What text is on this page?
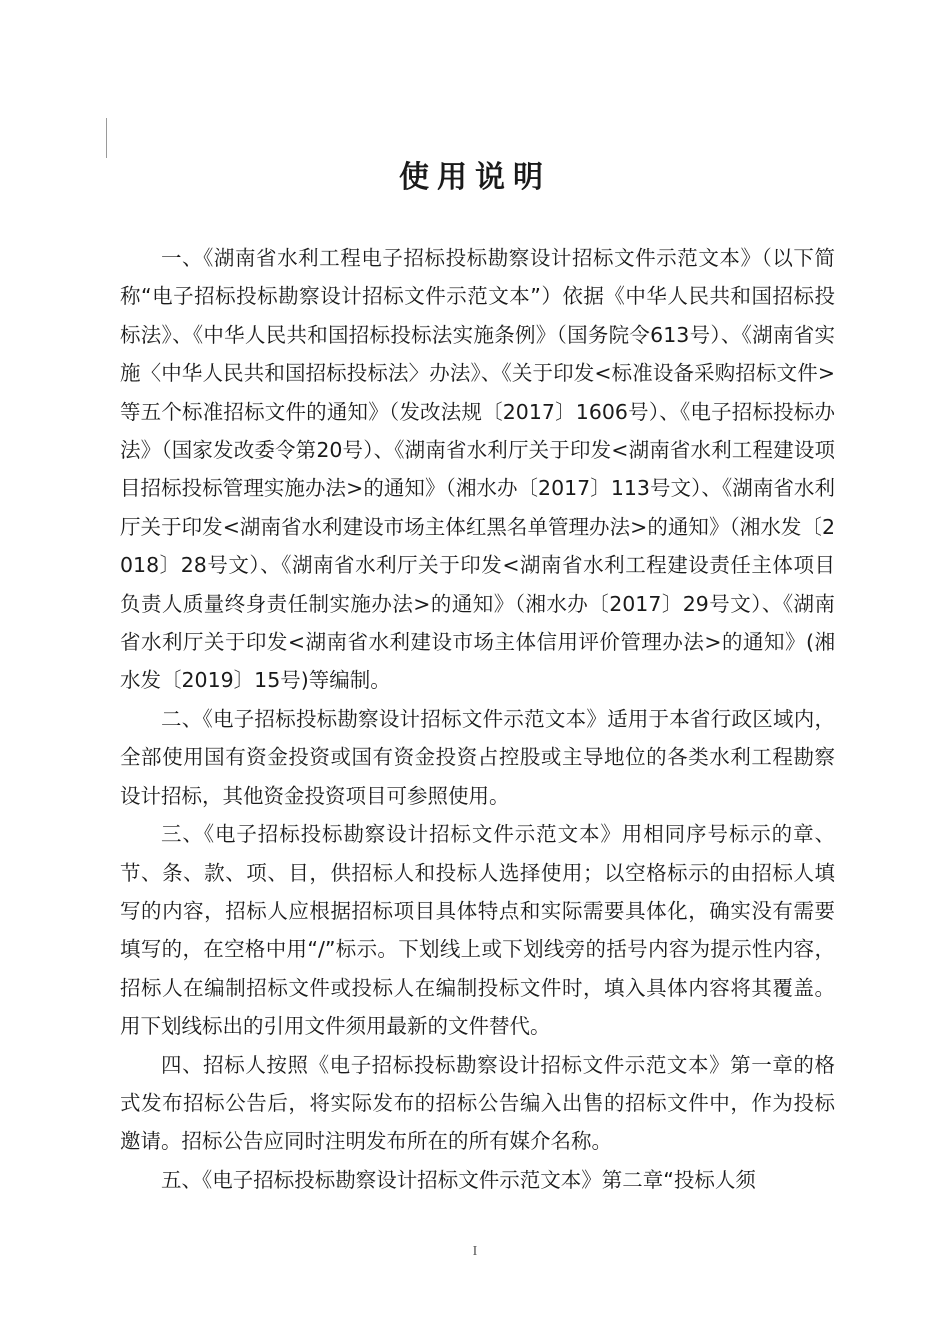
使用说明

一、《湖南省水利工程电子招标投标勘察设计招标文件示范文本》（以下简称“电子招标投标勘察设计招标文件示范文本”）依据《中华人民共和国招标投标法》、《中华人民共和国招标投标法实施条例》（国务院令613号）、《湖南省实施〈中华人民共和国招标投标法〉办法》、《关于印发<标准设备采购招标文件>等五个标准招标文件的通知》（发改法规〔2017〕1606号）、《电子招标投标办法》（国家发改委令第20号）、《湖南省水利厅关于印发<湖南省水利工程建设项目招标投标管理实施办法>的通知》（湘水办〔2017〕113号文）、《湖南省水利厅关于印发<湖南省水利建设市场主体红黑名单管理办法>的通知》（湘水发〔2018〕28号文）、《湖南省水利厅关于印发<湖南省水利工程建设责任主体项目负责人质量终身责任制实施办法>的通知》（湘水办〔2017〕29号文）、《湖南省水利厅关于印发<湖南省水利建设市场主体信用评价管理办法>的通知》(湘水发〔2019〕15号)等编制。

二、《电子招标投标勘察设计招标文件示范文本》适用于本省行政区域内，全部使用国有资金投资或国有资金投资占控股或主导地位的各类水利工程勘察设计招标，其他资金投资项目可参照使用。

三、《电子招标投标勘察设计招标文件示范文本》用相同序号标示的章、节、条、款、项、目，供招标人和投标人选择使用；以空格标示的由招标人填写的内容，招标人应根据招标项目具体特点和实际需要具体化，确实没有需要填写的，在空格中用“/”标示。下划线上或下划线旁的括号内容为提示性内容，招标人在编制招标文件或投标人在编制投标文件时，填入具体内容将其覆盖。用下划线标出的引用文件须用最新的文件替代。

四、招标人按照《电子招标投标勘察设计招标文件示范文本》第一章的格式发布招标公告后，将实际发布的招标公告编入出售的招标文件中，作为投标邀请。招标公告应同时注明发布所在的所有媒介名称。

五、《电子招标投标勘察设计招标文件示范文本》第二章“投标人须

I
